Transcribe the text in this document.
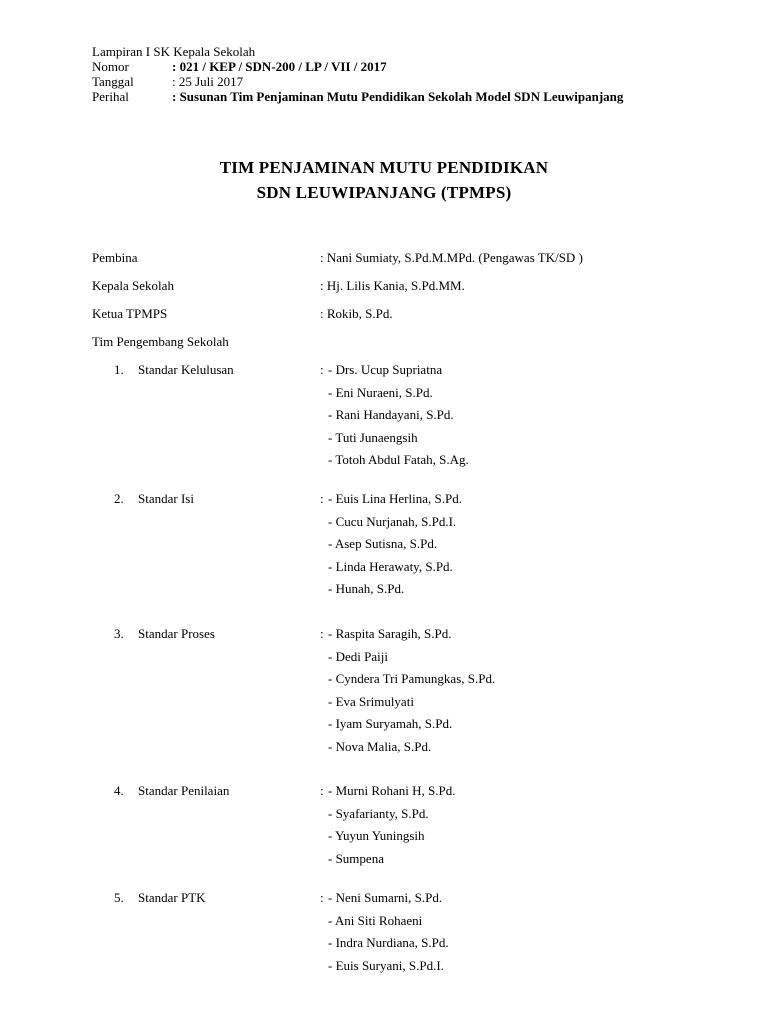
Lampiran I SK Kepala Sekolah
Nomor	: 021 / KEP / SDN-200 / LP / VII / 2017
Tanggal	: 25 Juli 2017
Perihal	: Susunan Tim Penjaminan Mutu Pendidikan Sekolah Model SDN Leuwipanjang
TIM PENJAMINAN MUTU PENDIDIKAN
SDN LEUWIPANJANG (TPMPS)
Pembina	: Nani Sumiaty, S.Pd.M.MPd. (Pengawas TK/SD )
Kepala Sekolah	: Hj. Lilis Kania, S.Pd.MM.
Ketua TPMPS	: Rokib, S.Pd.
Tim Pengembang Sekolah
1. Standar Kelulusan	: - Drs. Ucup Supriatna
- Eni Nuraeni, S.Pd.
- Rani Handayani, S.Pd.
- Tuti Junaengsih
- Totoh Abdul Fatah, S.Ag.
2. Standar Isi	: - Euis Lina Herlina, S.Pd.
- Cucu Nurjanah, S.Pd.I.
- Asep Sutisna, S.Pd.
- Linda Herawaty, S.Pd.
- Hunah, S.Pd.
3. Standar Proses	: - Raspita Saragih, S.Pd.
- Dedi Paiji
- Cyndera Tri Pamungkas, S.Pd.
- Eva Srimulyati
- Iyam Suryamah, S.Pd.
- Nova Malia, S.Pd.
4. Standar Penilaian	: - Murni Rohani H, S.Pd.
- Syafarianty, S.Pd.
- Yuyun Yuningsih
- Sumpena
5. Standar PTK	: - Neni Sumarni, S.Pd.
- Ani Siti Rohaeni
- Indra Nurdiana, S.Pd.
- Euis Suryani, S.Pd.I.
